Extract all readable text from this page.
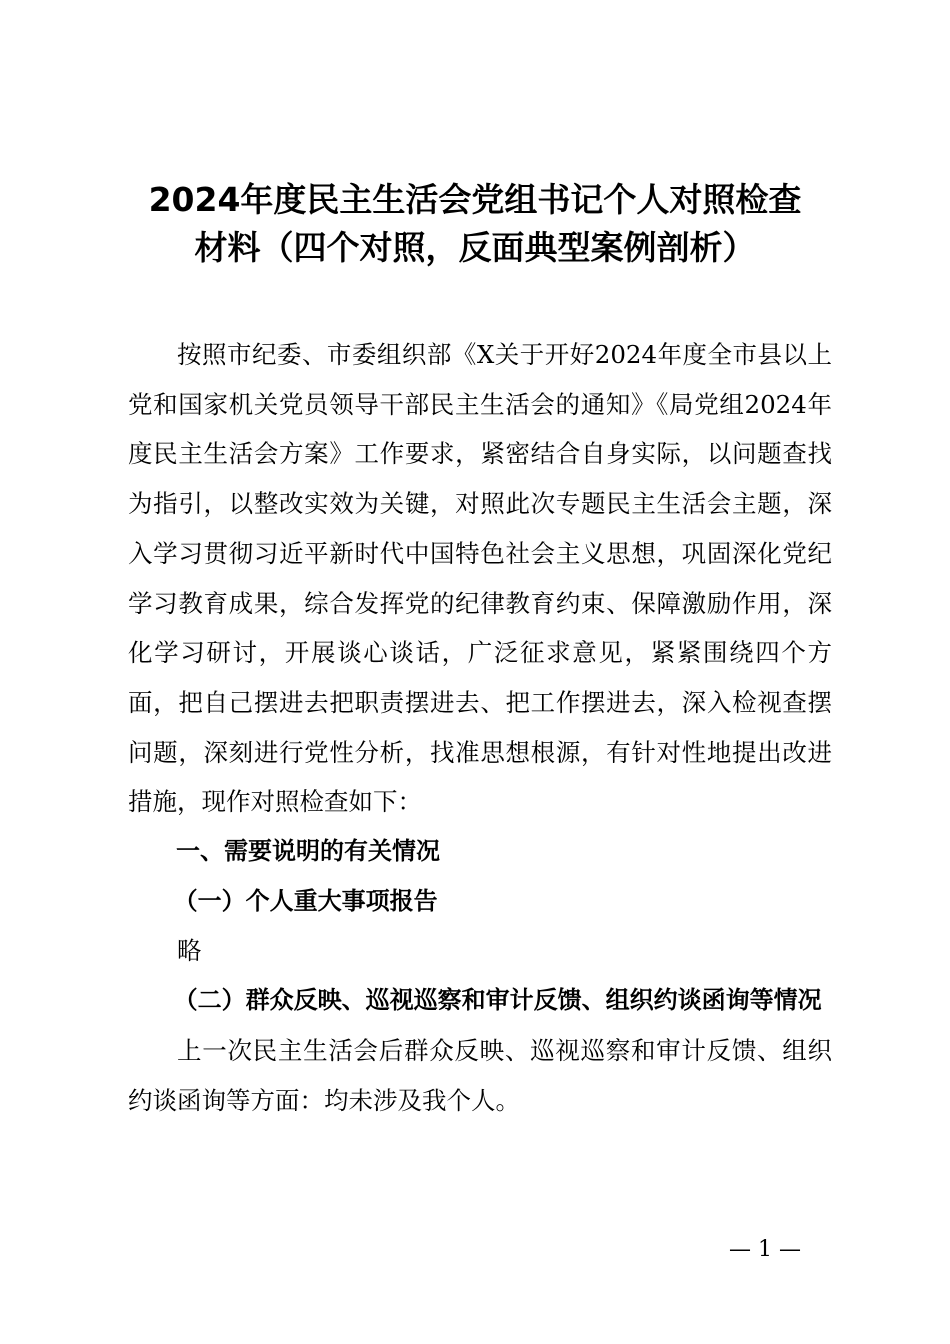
2024年度民主生活会党组书记个人对照检查
材料（四个对照，反面典型案例剖析）

按照市纪委、市委组织部《X关于开好2024年度全市县以上党和国家机关党员领导干部民主生活会的通知》《局党组2024年度民主生活会方案》工作要求，紧密结合自身实际，以问题查找为指引，以整改实效为关键，对照此次专题民主生活会主题，深入学习贯彻习近平新时代中国特色社会主义思想，巩固深化党纪学习教育成果，综合发挥党的纪律教育约束、保障激励作用，深化学习研讨，开展谈心谈话，广泛征求意见，紧紧围绕四个方面，把自己摆进去把职责摆进去、把工作摆进去，深入检视查摆问题，深刻进行党性分析，找准思想根源，有针对性地提出改进措施，现作对照检查如下：

一、需要说明的有关情况

（一）个人重大事项报告

略

（二）群众反映、巡视巡察和审计反馈、组织约谈函询等情况

上一次民主生活会后群众反映、巡视巡察和审计反馈、组织约谈函询等方面：均未涉及我个人。

— 1 —
